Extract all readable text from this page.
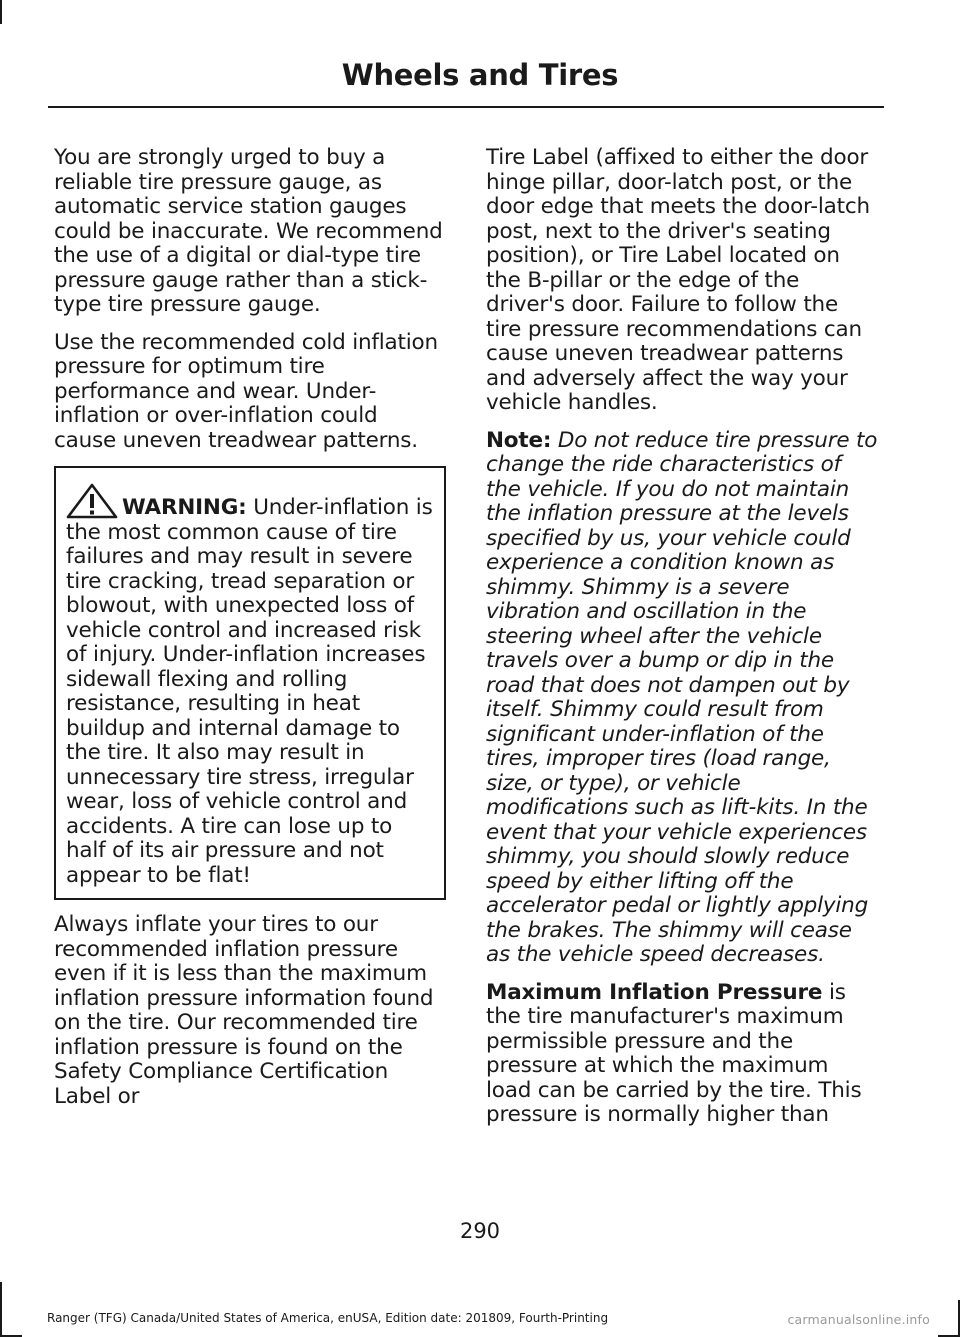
Wheels and Tires

You are strongly urged to buy a reliable tire pressure gauge, as automatic service station gauges could be inaccurate. We recommend the use of a digital or dial-type tire pressure gauge rather than a stick-type tire pressure gauge.

Use the recommended cold inflation pressure for optimum tire performance and wear. Under-inflation or over-inflation could cause uneven treadwear patterns.

WARNING: Under-inflation is the most common cause of tire failures and may result in severe tire cracking, tread separation or blowout, with unexpected loss of vehicle control and increased risk of injury. Under-inflation increases sidewall flexing and rolling resistance, resulting in heat buildup and internal damage to the tire. It also may result in unnecessary tire stress, irregular wear, loss of vehicle control and accidents. A tire can lose up to half of its air pressure and not appear to be flat!

Always inflate your tires to our recommended inflation pressure even if it is less than the maximum inflation pressure information found on the tire. Our recommended tire inflation pressure is found on the Safety Compliance Certification Label or

Tire Label (affixed to either the door hinge pillar, door-latch post, or the door edge that meets the door-latch post, next to the driver's seating position), or Tire Label located on the B-pillar or the edge of the driver's door. Failure to follow the tire pressure recommendations can cause uneven treadwear patterns and adversely affect the way your vehicle handles.

Note: Do not reduce tire pressure to change the ride characteristics of the vehicle. If you do not maintain the inflation pressure at the levels specified by us, your vehicle could experience a condition known as shimmy. Shimmy is a severe vibration and oscillation in the steering wheel after the vehicle travels over a bump or dip in the road that does not dampen out by itself. Shimmy could result from significant under-inflation of the tires, improper tires (load range, size, or type), or vehicle modifications such as lift-kits. In the event that your vehicle experiences shimmy, you should slowly reduce speed by either lifting off the accelerator pedal or lightly applying the brakes. The shimmy will cease as the vehicle speed decreases.

Maximum Inflation Pressure is the tire manufacturer's maximum permissible pressure and the pressure at which the maximum load can be carried by the tire. This pressure is normally higher than

290
Ranger (TFG) Canada/United States of America, enUSA, Edition date: 201809, Fourth-Printing	carmanualsonline.info
